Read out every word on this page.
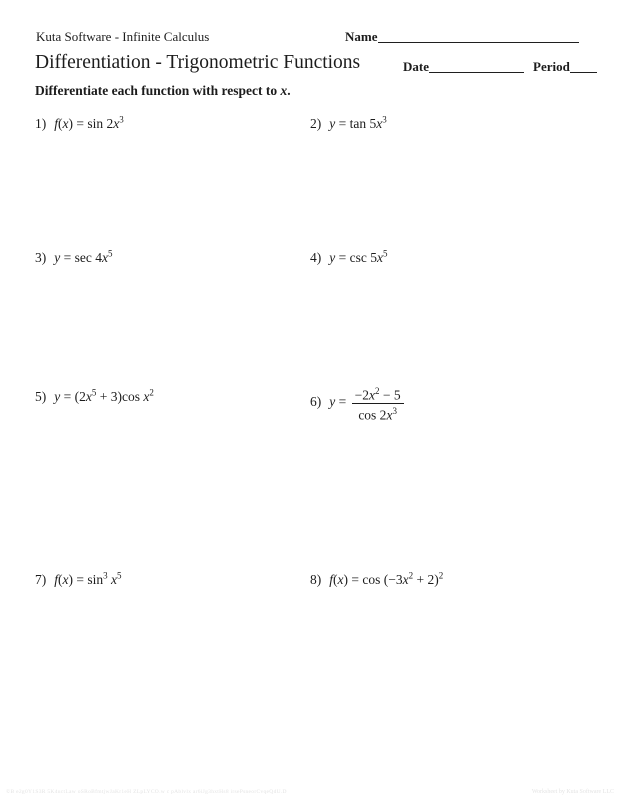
Kuta Software - Infinite Calculus	Name
Differentiation - Trigonometric Functions	Date	Period
Differentiate each function with respect to x.
1) $f(x) = \sin 2x^3$	2) $y = \tan 5x^3$
3) $y = \sec 4x^5$	4) $y = \csc 5x^5$
5) $y = (2x^5 + 3)\cos$ $x^2$
6) $y = \frac{-2x^2 - 5}{\cos 2x^3}$
7) $f(x) = \sin^3 x^5$	8) $f(x) = \cos (-3x^2 + 2)^2$
©B e2g0Y1S3R 5K4uctLaw oSRoBfmtjwJaKr1eH ZLpLYCO.w c pAblvlx ar6iJg3hxtHs8 irsePsneorCvqeQdU.D	Worksheet by Kuta Software LLC
